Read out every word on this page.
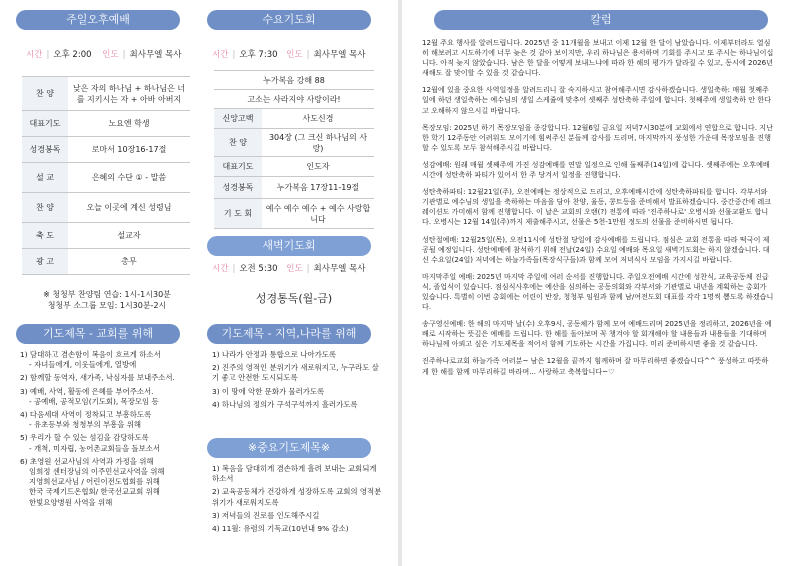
주일오후예배
시간 | 오후 2:00 인도 | 최사무엘 목사
찬 양	낮은 자의 하나님 + 하나님은 너를 지키시는 자 + 아바 아버지
대표기도	노요엔 학생
성경봉독	로마서 10장16-17절
설 교	은혜의 수단 ① - 말씀
찬 양	오늘 이곳에 계신 성령님
축 도	설교자
광 고	총무
※ 청청부 찬양팀 연습: 1시-1시30분
청청부 소그룹 모임: 1시30분-2시
수요기도회
시간 | 오후 7:30 인도 | 최사무엘 목사
누가복음 강해 88	
고소는 사라지야 사랑이라!	
신앙고백	사도신경
찬 양	304장 (그 크신 하나님의 사랑)
대표기도	인도자
성경봉독	누가복음 17장11-19절
기 도 회	예수 예수 예수 + 예수 사랑합니다
새벽기도회
시간 | 오전 5:30 인도 | 최사무엘 목사
성경통독(월-금)
기도제목 - 교회를 위해
1) 담대하고 겸손함이 복음이 흐르게 하소서
- 자녀들에게, 이웃들에게, 열방에
2) 함께할 동역자, 새가족, 낙심자를 보내주소서.
3) 예배, 사역, 활동에 은혜를 부어주소서.
- 공예배, 공적모임(기도회), 목장모임 등
4) 다음세대 사역이 정착되고 부흥하도록
- 유초등부와 청청부의 부흥을 위해
5) 우리가 할 수 있는 섬김을 감당하도록
- 개척, 미자립, 농어촌교회들을 돌보소서
6) 초영원 선교사님의 사역과 가정을 위해
임희정 센터장님의 이주민선교사역을 위해
지영희선교사님 / 어린이전도협회를 위해
한국 국제기드온협회/ 한국선교교회 위해
한빛요양병원 사역을 위해
기도제목 - 지역,나라를 위해
1) 나라가 안정과 통합으로 나아가도록
2) 진주의 영적인 분위기가 새로워지고, 누구라도 살기 좋고 안전한 도시되도록
3) 이 땅에 악한 문화가 물러가도록
4) 하나님의 정의가 구석구석까지 흘러가도록
※중요기도제목※
1) 복음을 담대히게 겸손하게 흘려 보내는 교회되게 하소서
2) 교육공동체가 건강하게 성장하도록 교회의 영적분위기가 새로워지도록
3) 저녁들의 진로를 인도해주시길
4) 11월: 유렴의 기독교(10년내 9% 감소)
칼럼

12월 주요 행사를 알려드립니다. 2025년 중 11개월을 보내고 이제 12월 한 달이 남았습니다. 이제부터라도 열심히 해보려고 시도하기에 너무 늦은 것 같아 보이지만, 우리 하나님은 용서하며 기회를 주시고 또 주시는 하나님이십니다. 아직 늦지 않았습니다. 남은 한 달을 어떻게 보내느냐에 따라 한 해의 평가가 달라질 수 있고, 동시에 2026년 새해도 잘 맞이할 수 있을 것 같습니다.

12월에 있을 중요한 사역일정을 알려드리니 잘 숙지하시고 참여해주시면 감사하겠습니다. 생일축하: 매월 첫째주일에 하던 생일축하는 예수님의 생일 스케쥴에 맞추어 셋째주 성탄축하 주일에 합니다. 첫째주에 생일축하 안 한다고 오해하지 않으시길 바랍니다.

목장모임: 2025년 하기 목장모임을 종강합니다. 12월6일 금요일 저녁7시30분에 교회에서 연합으로 합니다. 지난 한 학기 12주동안 어려워도 모이기에 힘써주신 분들께 감사를 드리며, 마지막까지 풍성한 가운데 목장모임을 진행할 수 있도록 모두 참석해주시길 바랍니다.

성감예배: 원래 매월 셋째주에 가진 성감예배를 연말 일정으로 인해 둘째주(14일)에 갑니다. 셋째주에는 오후예배시간에 성탄축하 파티가 있어서 한 주 당겨서 일정을 진행합니다.

성탄축하파티: 12월21일(주), 오전예배는 정상적으로 드리고, 오후예배시간에 성탄축하파티를 합니다. 각부서와 기관별로 예수님의 생일을 축하하는 마음을 담아 찬양, 율동, 콩트등을 준비해서 발표하겠습니다. 중간중간에 레크레이션도 가미해서 함께 진행합니다. 이 날은 교회의 오랜(?) 전통에 따라 '진주하나로' 오병시와 선물교환도 합니다. 오병시는 12월 14일(주)까지 제출해주시고, 선물은 5천-1만원 정도의 선물을 준비하시면 됩니다.

성탄절예배: 12월25일(목), 오전11시에 성탄절 당일에 감사예배를 드립니다. 점심은 교회 전통을 따라 떡국이 제공될 예정입니다. 성탄예배에 참석하기 위해 전날(24일) 수요일 예배와 목요일 새벽기도회는 하지 않겠습니다. 대신 수요일(24일) 저녁에는 하늘가족들(목장식구들)과 함께 모여 저녁식사 모임을 가지시길 바랍니다.

마지막주일 예배: 2025년 마지막 주일에 여러 순서를 진행합니다. 주일오전예배 시간에 성찬식, 교육공동체 진급식, 졸업식이 있습니다. 점심식사후에는 예산을 심의하는 공동의회와 각부서와 기관별로 내년을 계획하는 총회가 있습니다. 특별히 이번 총회에는 어린이 반장, 청청부 임원과 함께 남/여전도회 대표를 각각 1명씩 뽑도록 하겠습니다.

송구영신예배: 한 해의 마지막 날(수) 오후9시, 공동체가 함께 모여 예배드리며 2025년을 정리하고, 2026년을 예배로 시작하는 뜻깊은 예배를 드립니다. 한 해를 돌아보며 꼭 챙겨야 할 회개해야 할 내용들과 내용들을 기대하며 하나님께 아뢰고 싶은 기도제목을 적어서 함께 기도하는 시간을 가집니다. 미리 준비하시면 좋을 것 같습니다.

진주하나로교회 하늘가족 여러분~ 남은 12월을 끝까지 힘께하며 잘 마무리하면 좋겠습니다^^ 풍성하고 따뜻하게 한 해를 함께 마무리하길 바라며... 사랑하고 축복합니다~♡
